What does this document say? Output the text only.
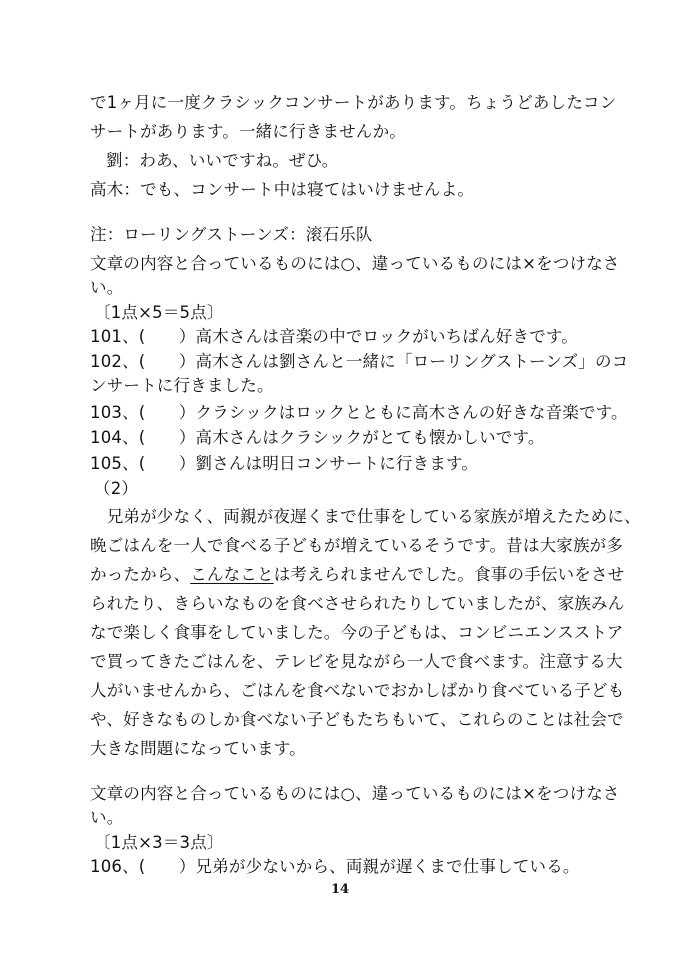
で1ヶ月に一度クラシックコンサートがあります。ちょうどあしたコン
サートがあります。一緒に行きませんか。
劉：わあ、いいですね。ぜひ。
高木：でも、コンサート中は寝てはいけませんよ。
注：ローリングストーンズ：滚石乐队
文章の内容と合っているものには○、違っているものには×をつけなさ
い。
〔1点×5＝5点〕
101、(　　）高木さんは音楽の中でロックがいちばん好きです。
102、(　　）高木さんは劉さんと一緒に「ローリングストーンズ」のコ
ンサートに行きました。
103、(　　）クラシックはロックとともに高木さんの好きな音楽です。
104、(　　）高木さんはクラシックがとても懐かしいです。
105、(　　）劉さんは明日コンサートに行きます。
（2）
　兄弟が少なく、両親が夜遅くまで仕事をしている家族が増えたために、
晩ごはんを一人で食べる子どもが増えているそうです。昔は大家族が多
かったから、こんなことは考えられませんでした。食事の手伝いをさせ
られたり、きらいなものを食べさせられたりしていましたが、家族みん
なで楽しく食事をしていました。今の子どもは、コンビニエンスストア
で買ってきたごはんを、テレビを見ながら一人で食べます。注意する大
人がいませんから、ごはんを食べないでおかしばかり食べている子ども
や、好きなものしか食べない子どもたちもいて、これらのことは社会で
大きな問題になっています。
文章の内容と合っているものには○、違っているものには×をつけなさ
い。
〔1点×3＝3点〕
106、(　　）兄弟が少ないから、両親が遅くまで仕事している。
14
